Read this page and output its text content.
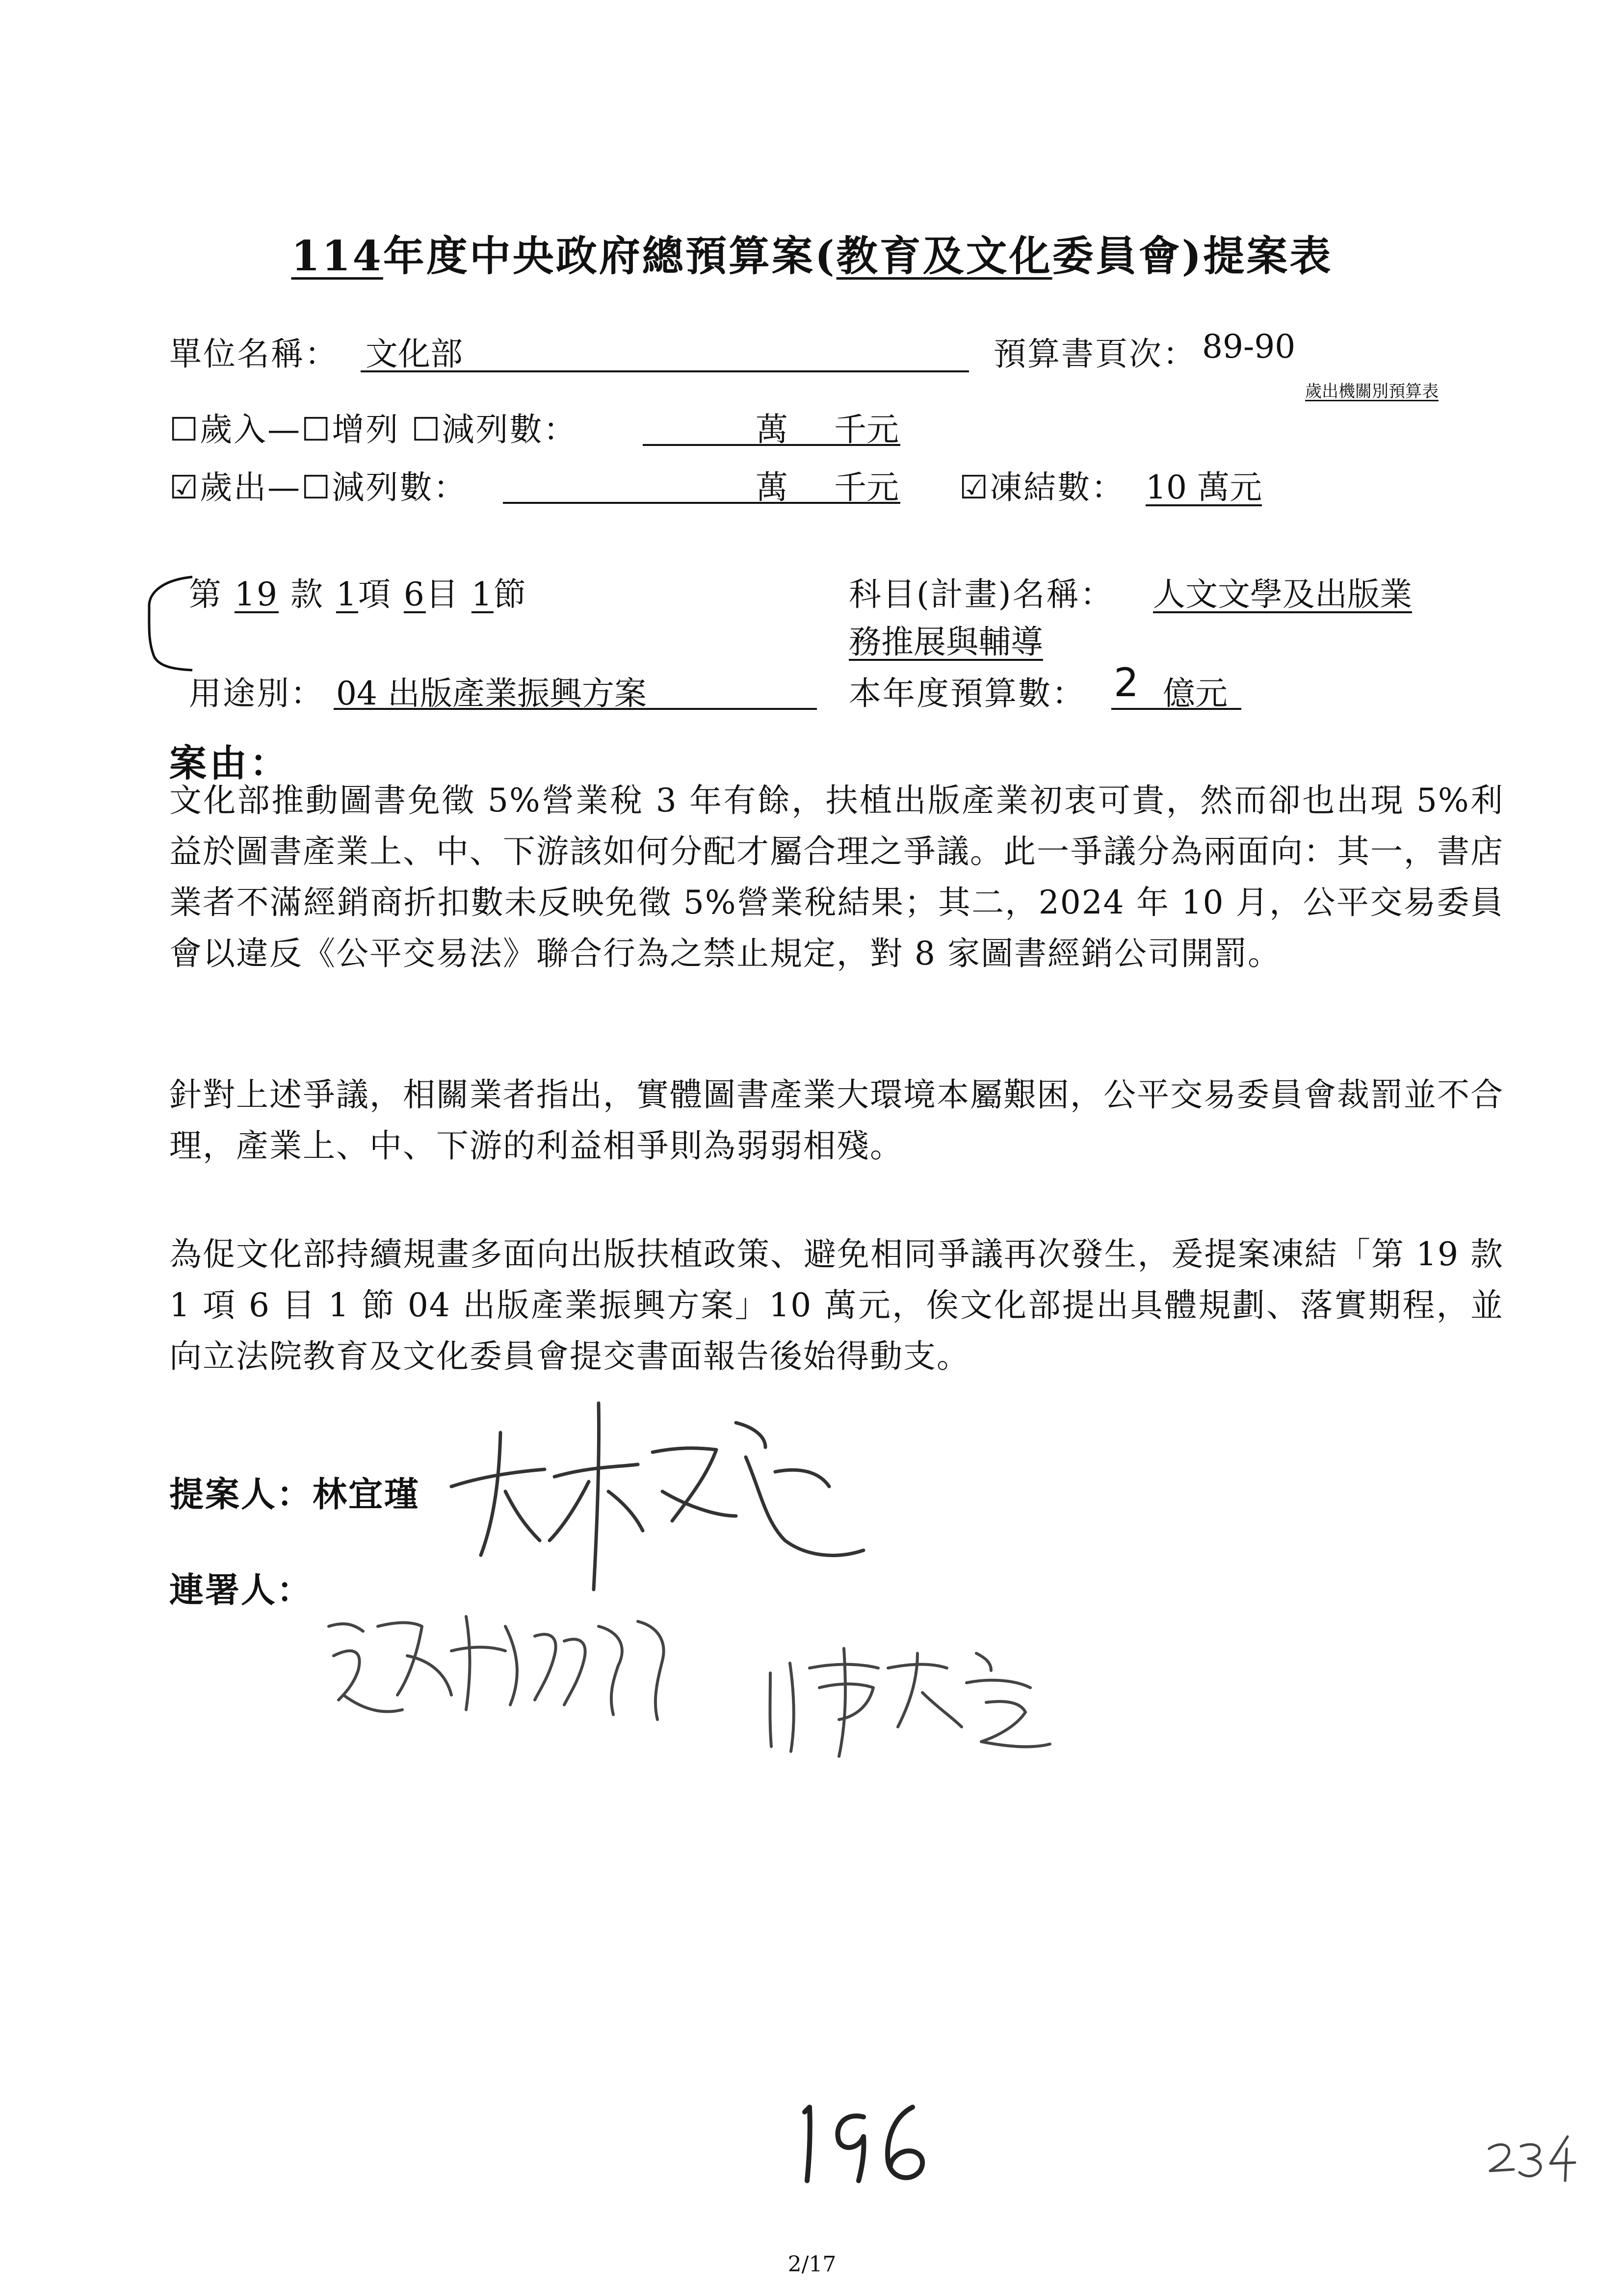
114年度中央政府總預算案(教育及文化委員會)提案表
單位名稱： 文化部	預算書頁次： 89-90
歲出機關別預算表
☐歲入—☐增列 ☐減列數：	萬 千元
☑歲出—☐減列數：	萬 千元 ☑凍結數： 10 萬元
第 19 款 1項 6目 1節	科目(計畫)名稱： 人文文學及出版業
務推展與輔導
用途別： 04 出版產業振興方案	本年度預算數： 2 億元
案由：

文化部推動圖書免徵 5%營業稅 3 年有餘，扶植出版產業初衷可貴，然而卻也出現 5%利益於圖書產業上、中、下游該如何分配才屬合理之爭議。此一爭議分為兩面向：其一，書店業者不滿經銷商折扣數未反映免徵 5%營業稅結果；其二，2024 年 10 月，公平交易委員會以違反《公平交易法》聯合行為之禁止規定，對 8 家圖書經銷公司開罰。

針對上述爭議，相關業者指出，實體圖書產業大環境本屬艱困，公平交易委員會裁罰並不合理，產業上、中、下游的利益相爭則為弱弱相殘。

為促文化部持續規畫多面向出版扶植政策、避免相同爭議再次發生，爰提案凍結「第 19 款 1 項 6 目 1 節 04 出版產業振興方案」10 萬元，俟文化部提出具體規劃、落實期程，並向立法院教育及文化委員會提交書面報告後始得動支。

提案人：林宜瑾
連署人：
2/17
